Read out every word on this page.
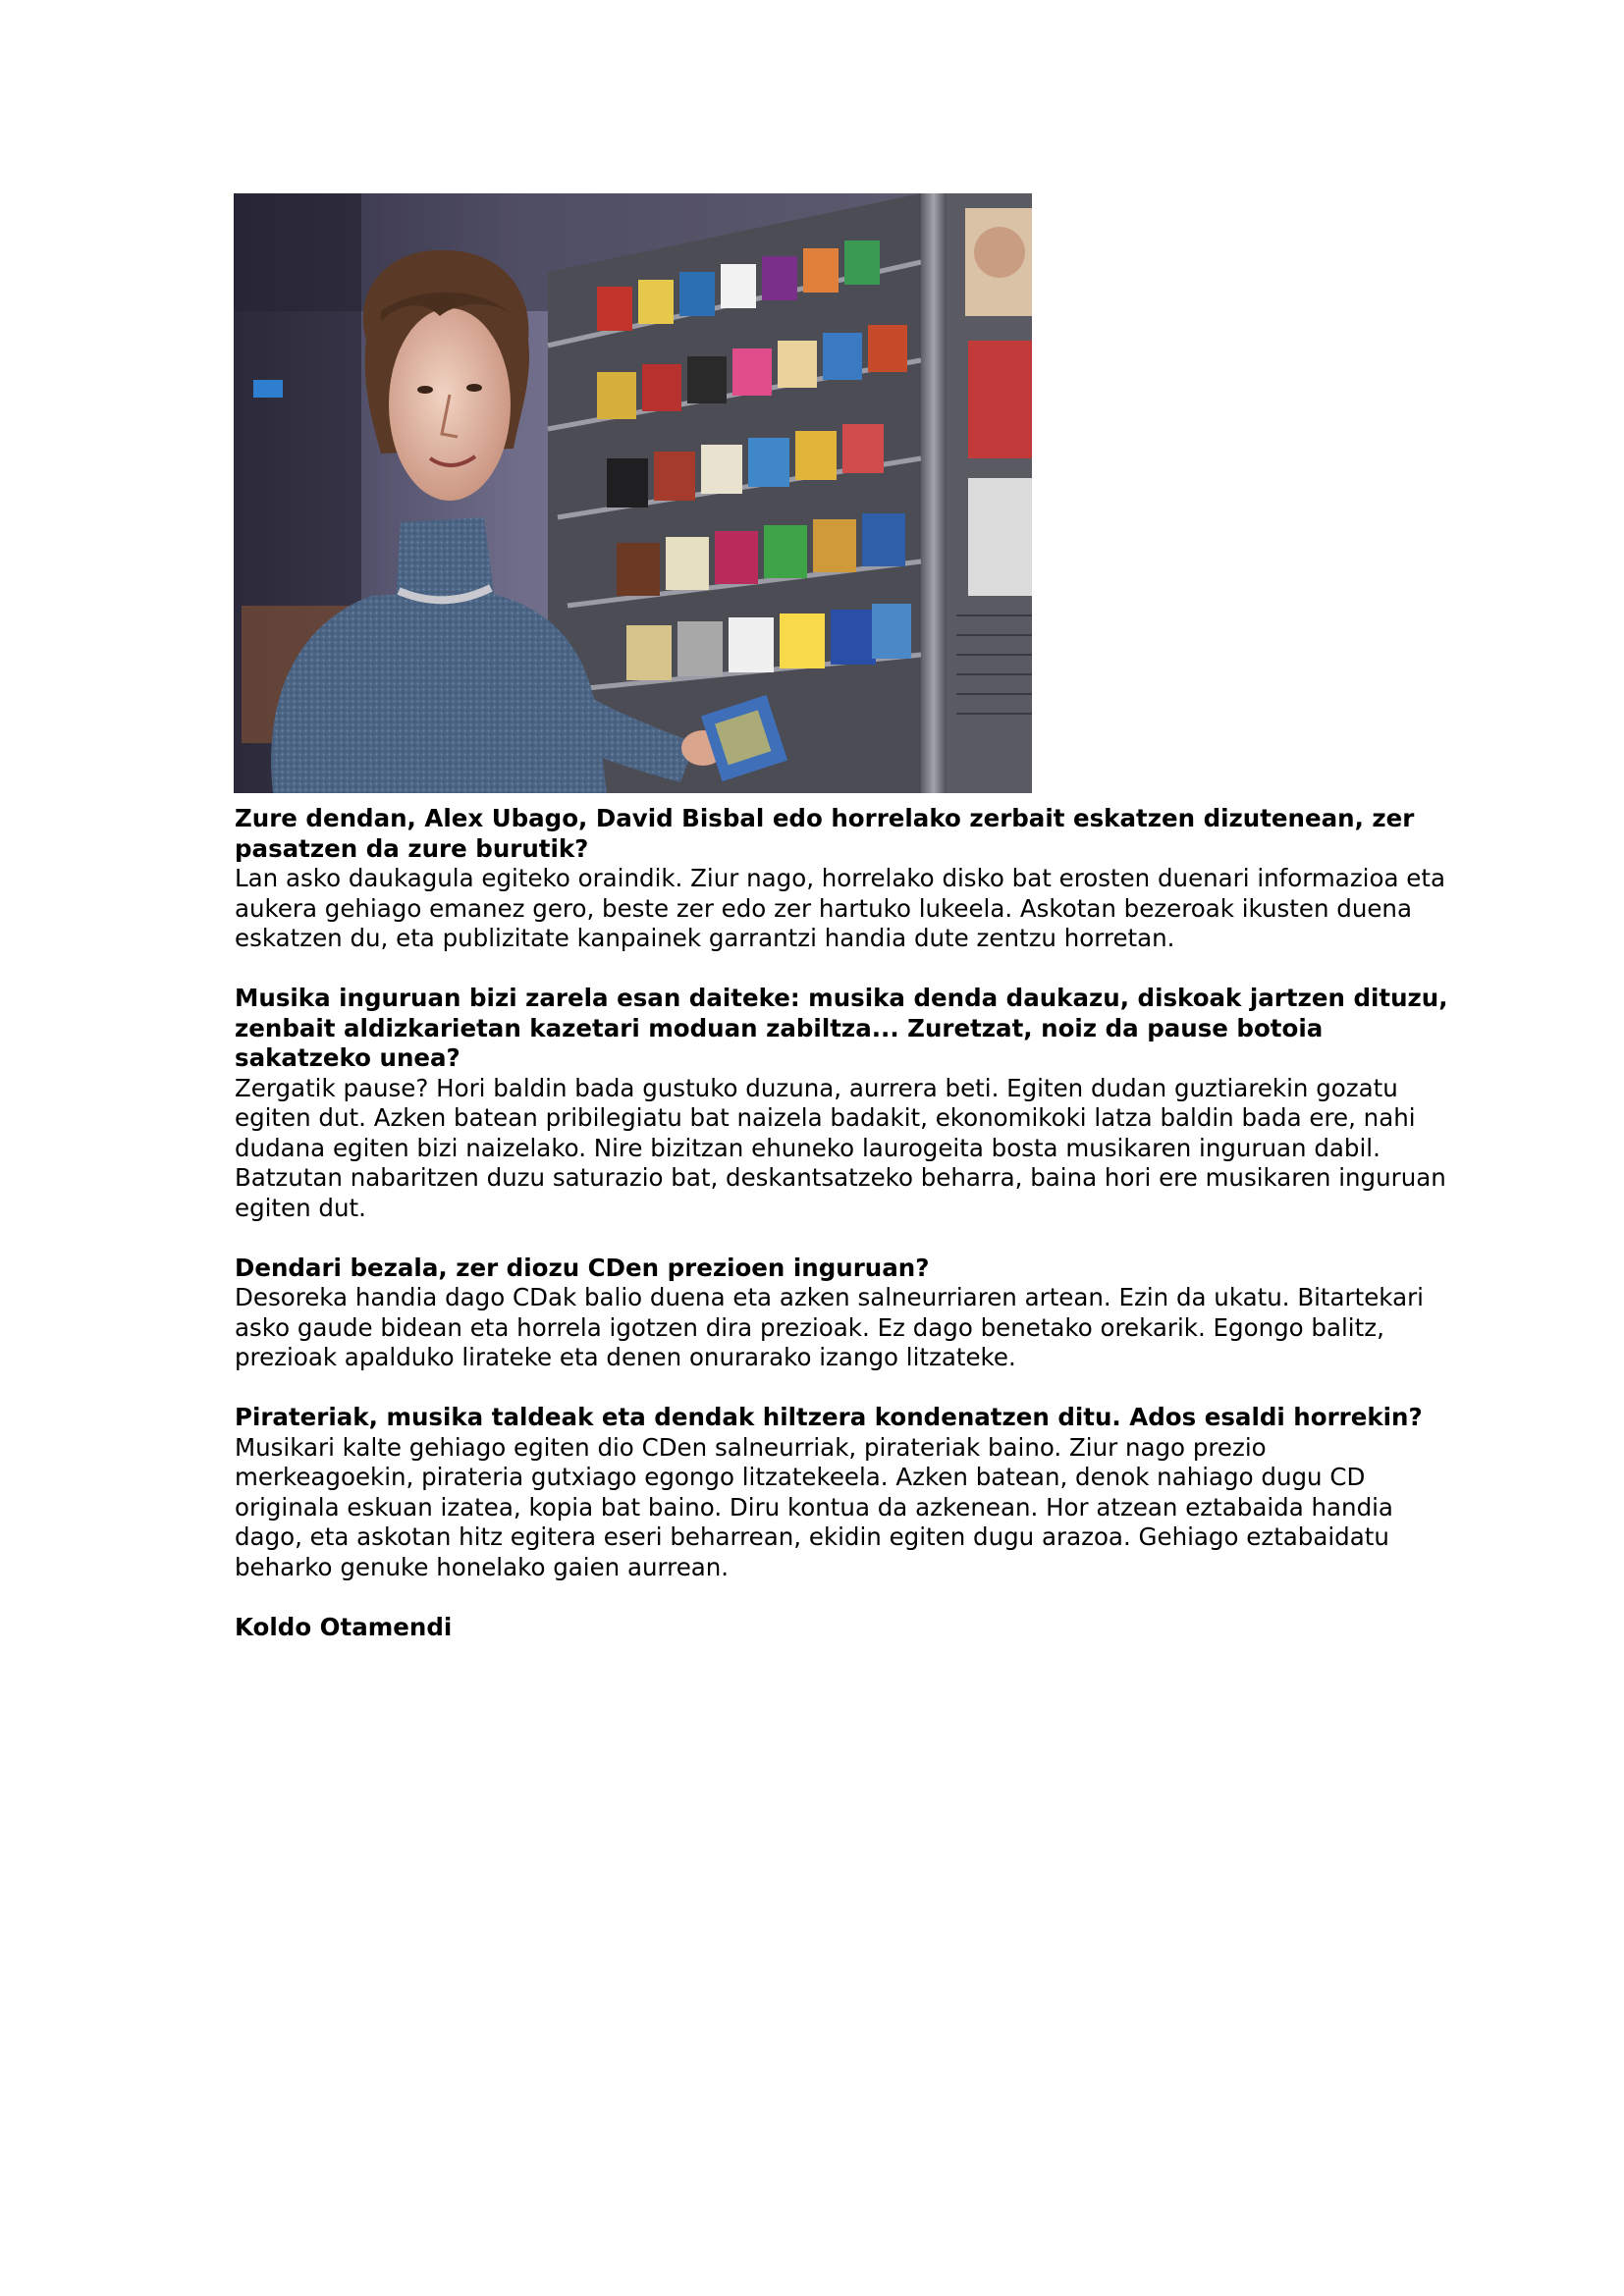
Zure dendan, Alex Ubago, David Bisbal edo horrelako zerbait eskatzen dizutenean, zer pasatzen da zure burutik?

Lan asko daukagula egiteko oraindik. Ziur nago, horrelako disko bat erosten duenari informazioa eta aukera gehiago emanez gero, beste zer edo zer hartuko lukeela. Askotan bezeroak ikusten duena eskatzen du, eta publizitate kanpainek garrantzi handia dute zentzu horretan.

Musika inguruan bizi zarela esan daiteke: musika denda daukazu, diskoak jartzen dituzu, zenbait aldizkarietan kazetari moduan zabiltza... Zuretzat, noiz da pause botoia sakatzeko unea?

Zergatik pause? Hori baldin bada gustuko duzuna, aurrera beti. Egiten dudan guztiarekin gozatu egiten dut. Azken batean pribilegiatu bat naizela badakit, ekonomikoki latza baldin bada ere, nahi dudana egiten bizi naizelako. Nire bizitzan ehuneko laurogeita bosta musikaren inguruan dabil. Batzutan nabaritzen duzu saturazio bat, deskantsatzeko beharra, baina hori ere musikaren inguruan egiten dut.

Dendari bezala, zer diozu CDen prezioen inguruan?

Desoreka handia dago CDak balio duena eta azken salneurriaren artean. Ezin da ukatu. Bitartekari asko gaude bidean eta horrela igotzen dira prezioak. Ez dago benetako orekarik. Egongo balitz, prezioak apalduko lirateke eta denen onurarako izango litzateke.

Pirateriak, musika taldeak eta dendak hiltzera kondenatzen ditu. Ados esaldi horrekin?

Musikari kalte gehiago egiten dio CDen salneurriak, pirateriak baino. Ziur nago prezio merkeagoekin, pirateria gutxiago egongo litzatekeela. Azken batean, denok nahiago dugu CD originala eskuan izatea, kopia bat baino. Diru kontua da azkenean. Hor atzean eztabaida handia dago, eta askotan hitz egitera eseri beharrean, ekidin egiten dugu arazoa. Gehiago eztabaidatu beharko genuke honelako gaien aurrean.

Koldo Otamendi
